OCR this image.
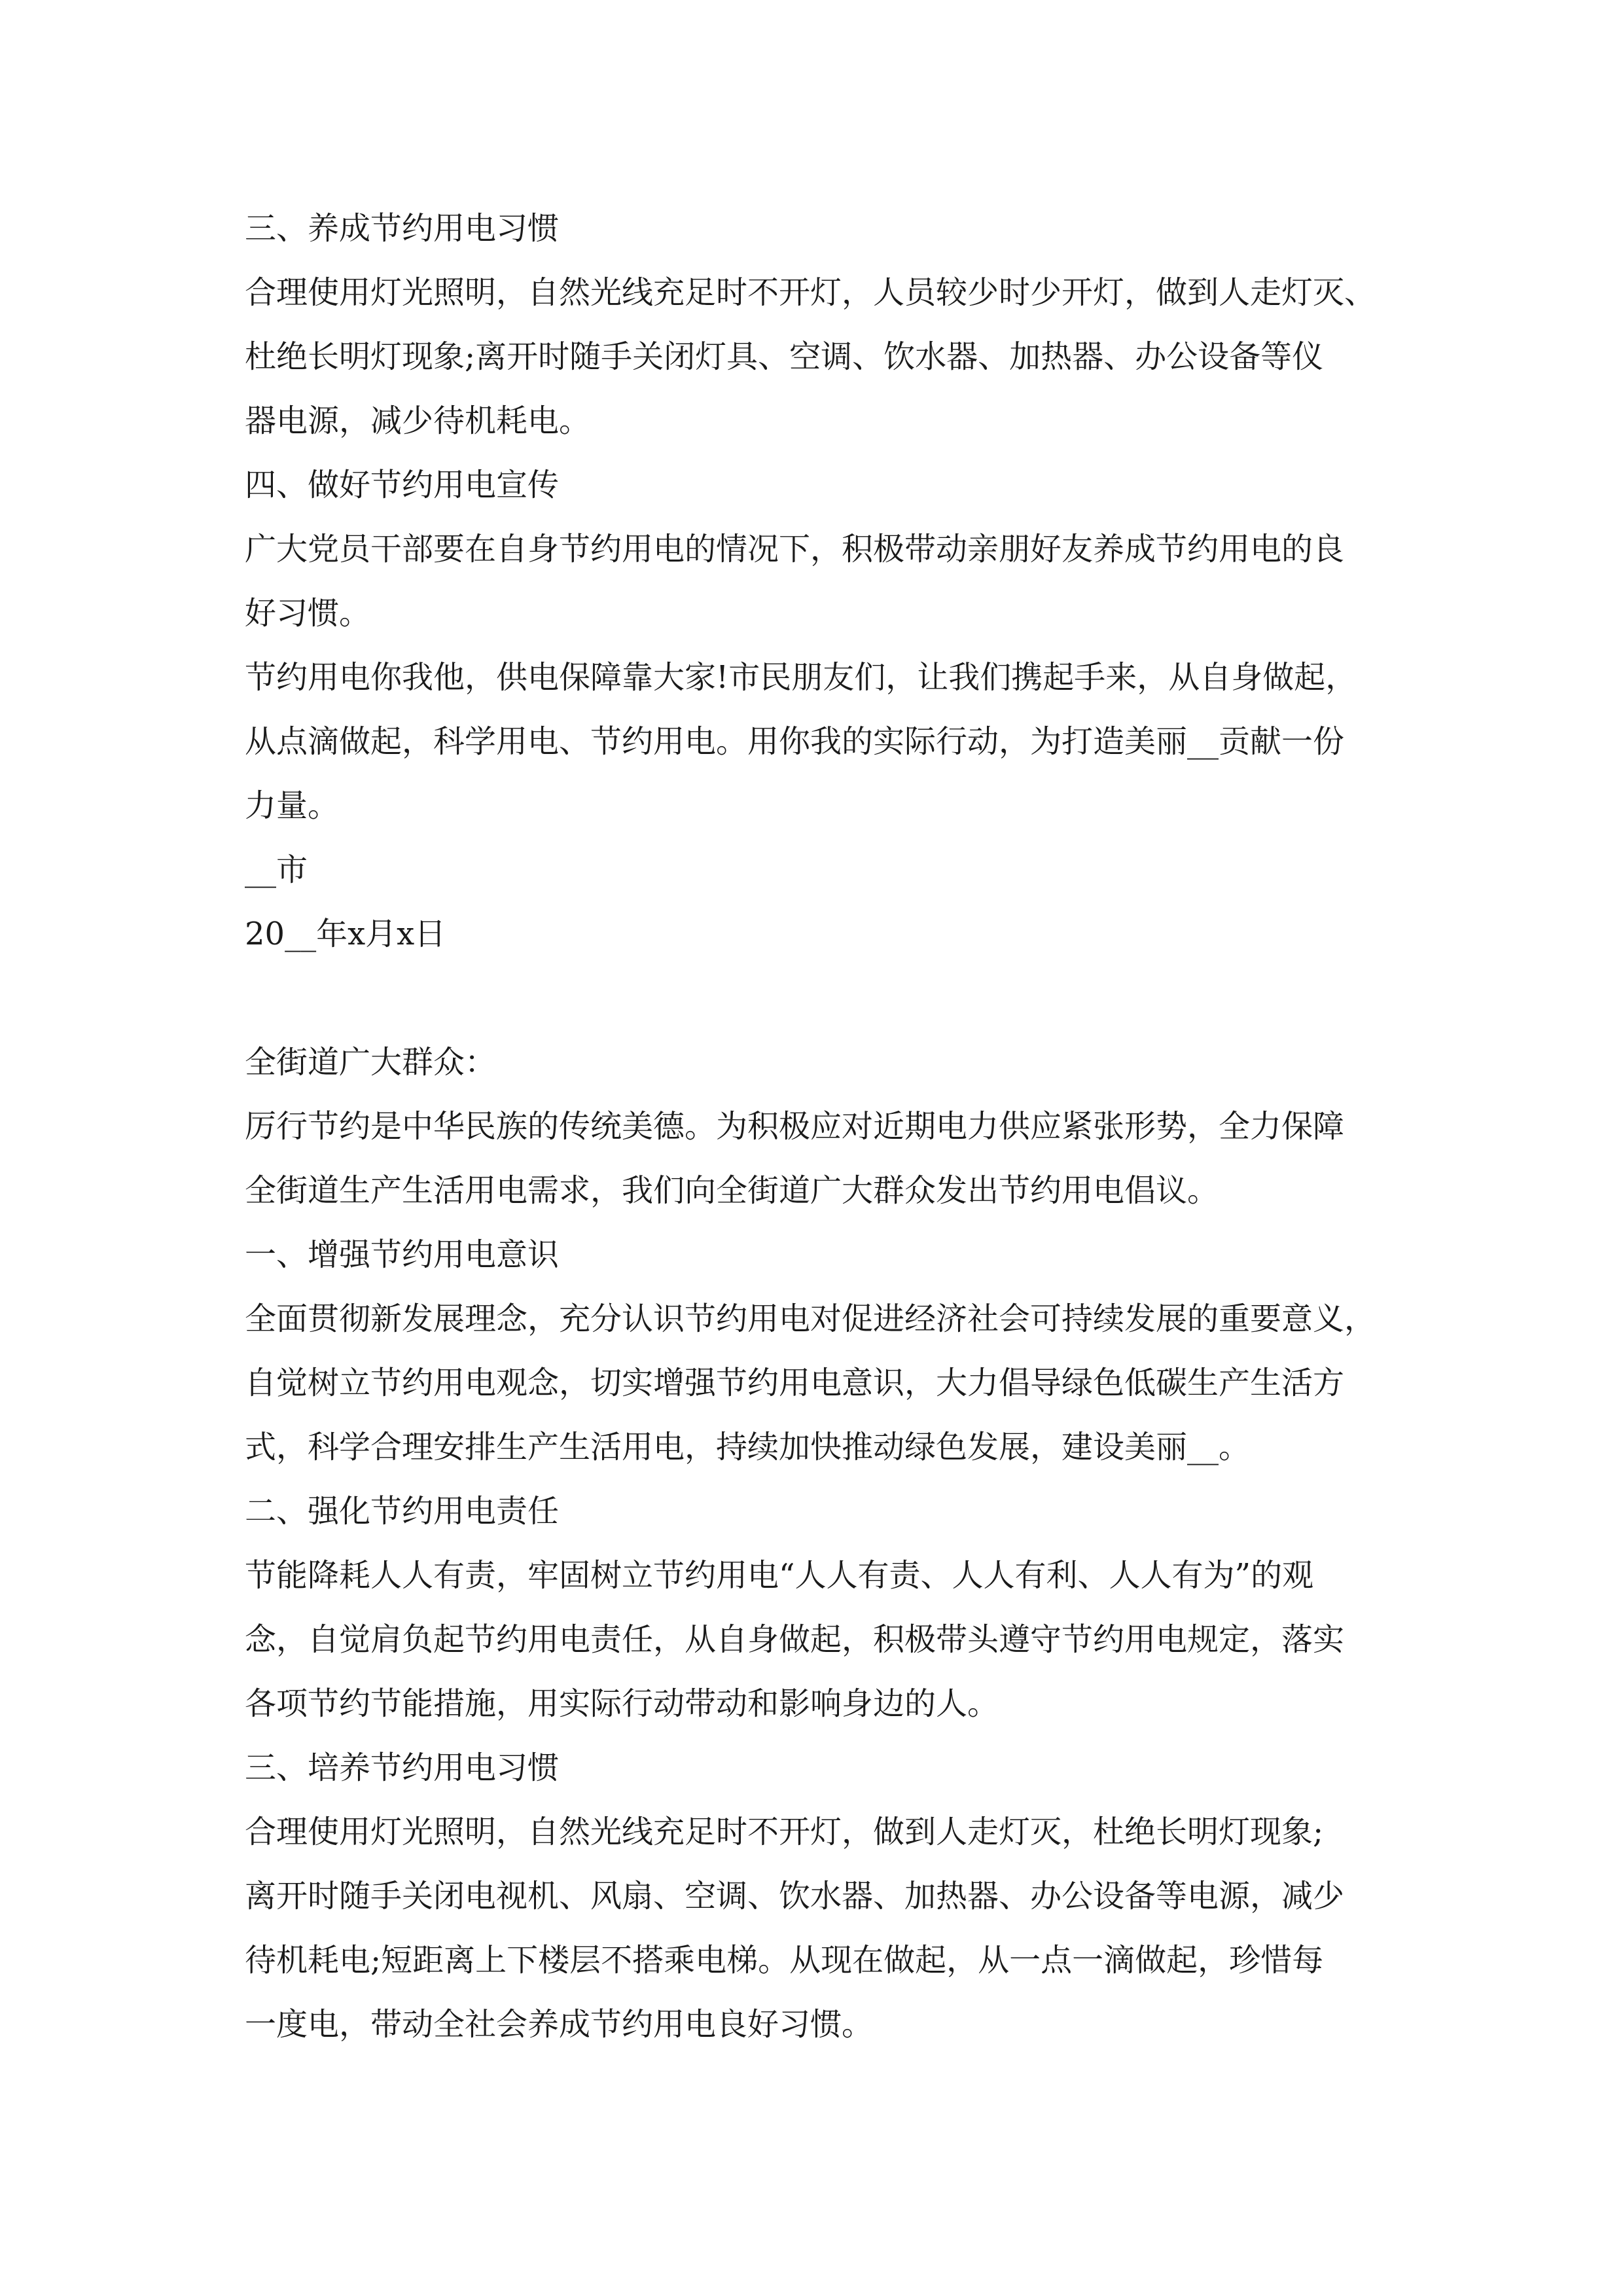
三、养成节约用电习惯
合理使用灯光照明，自然光线充足时不开灯，人员较少时少开灯，做到人走灯灭、
杜绝长明灯现象;离开时随手关闭灯具、空调、饮水器、加热器、办公设备等仪
器电源，减少待机耗电。
四、做好节约用电宣传
广大党员干部要在自身节约用电的情况下，积极带动亲朋好友养成节约用电的良
好习惯。
节约用电你我他，供电保障靠大家!市民朋友们，让我们携起手来，从自身做起，
从点滴做起，科学用电、节约用电。用你我的实际行动，为打造美丽__贡献一份
力量。
__市
20__年x月x日
全街道广大群众：
厉行节约是中华民族的传统美德。为积极应对近期电力供应紧张形势，全力保障
全街道生产生活用电需求，我们向全街道广大群众发出节约用电倡议。
一、增强节约用电意识
全面贯彻新发展理念，充分认识节约用电对促进经济社会可持续发展的重要意义，
自觉树立节约用电观念，切实增强节约用电意识，大力倡导绿色低碳生产生活方
式，科学合理安排生产生活用电，持续加快推动绿色发展，建设美丽__。
二、强化节约用电责任
节能降耗人人有责，牢固树立节约用电“人人有责、人人有利、人人有为”的观
念，自觉肩负起节约用电责任，从自身做起，积极带头遵守节约用电规定，落实
各项节约节能措施，用实际行动带动和影响身边的人。
三、培养节约用电习惯
合理使用灯光照明，自然光线充足时不开灯，做到人走灯灭，杜绝长明灯现象;
离开时随手关闭电视机、风扇、空调、饮水器、加热器、办公设备等电源，减少
待机耗电;短距离上下楼层不搭乘电梯。从现在做起，从一点一滴做起，珍惜每
一度电，带动全社会养成节约用电良好习惯。
